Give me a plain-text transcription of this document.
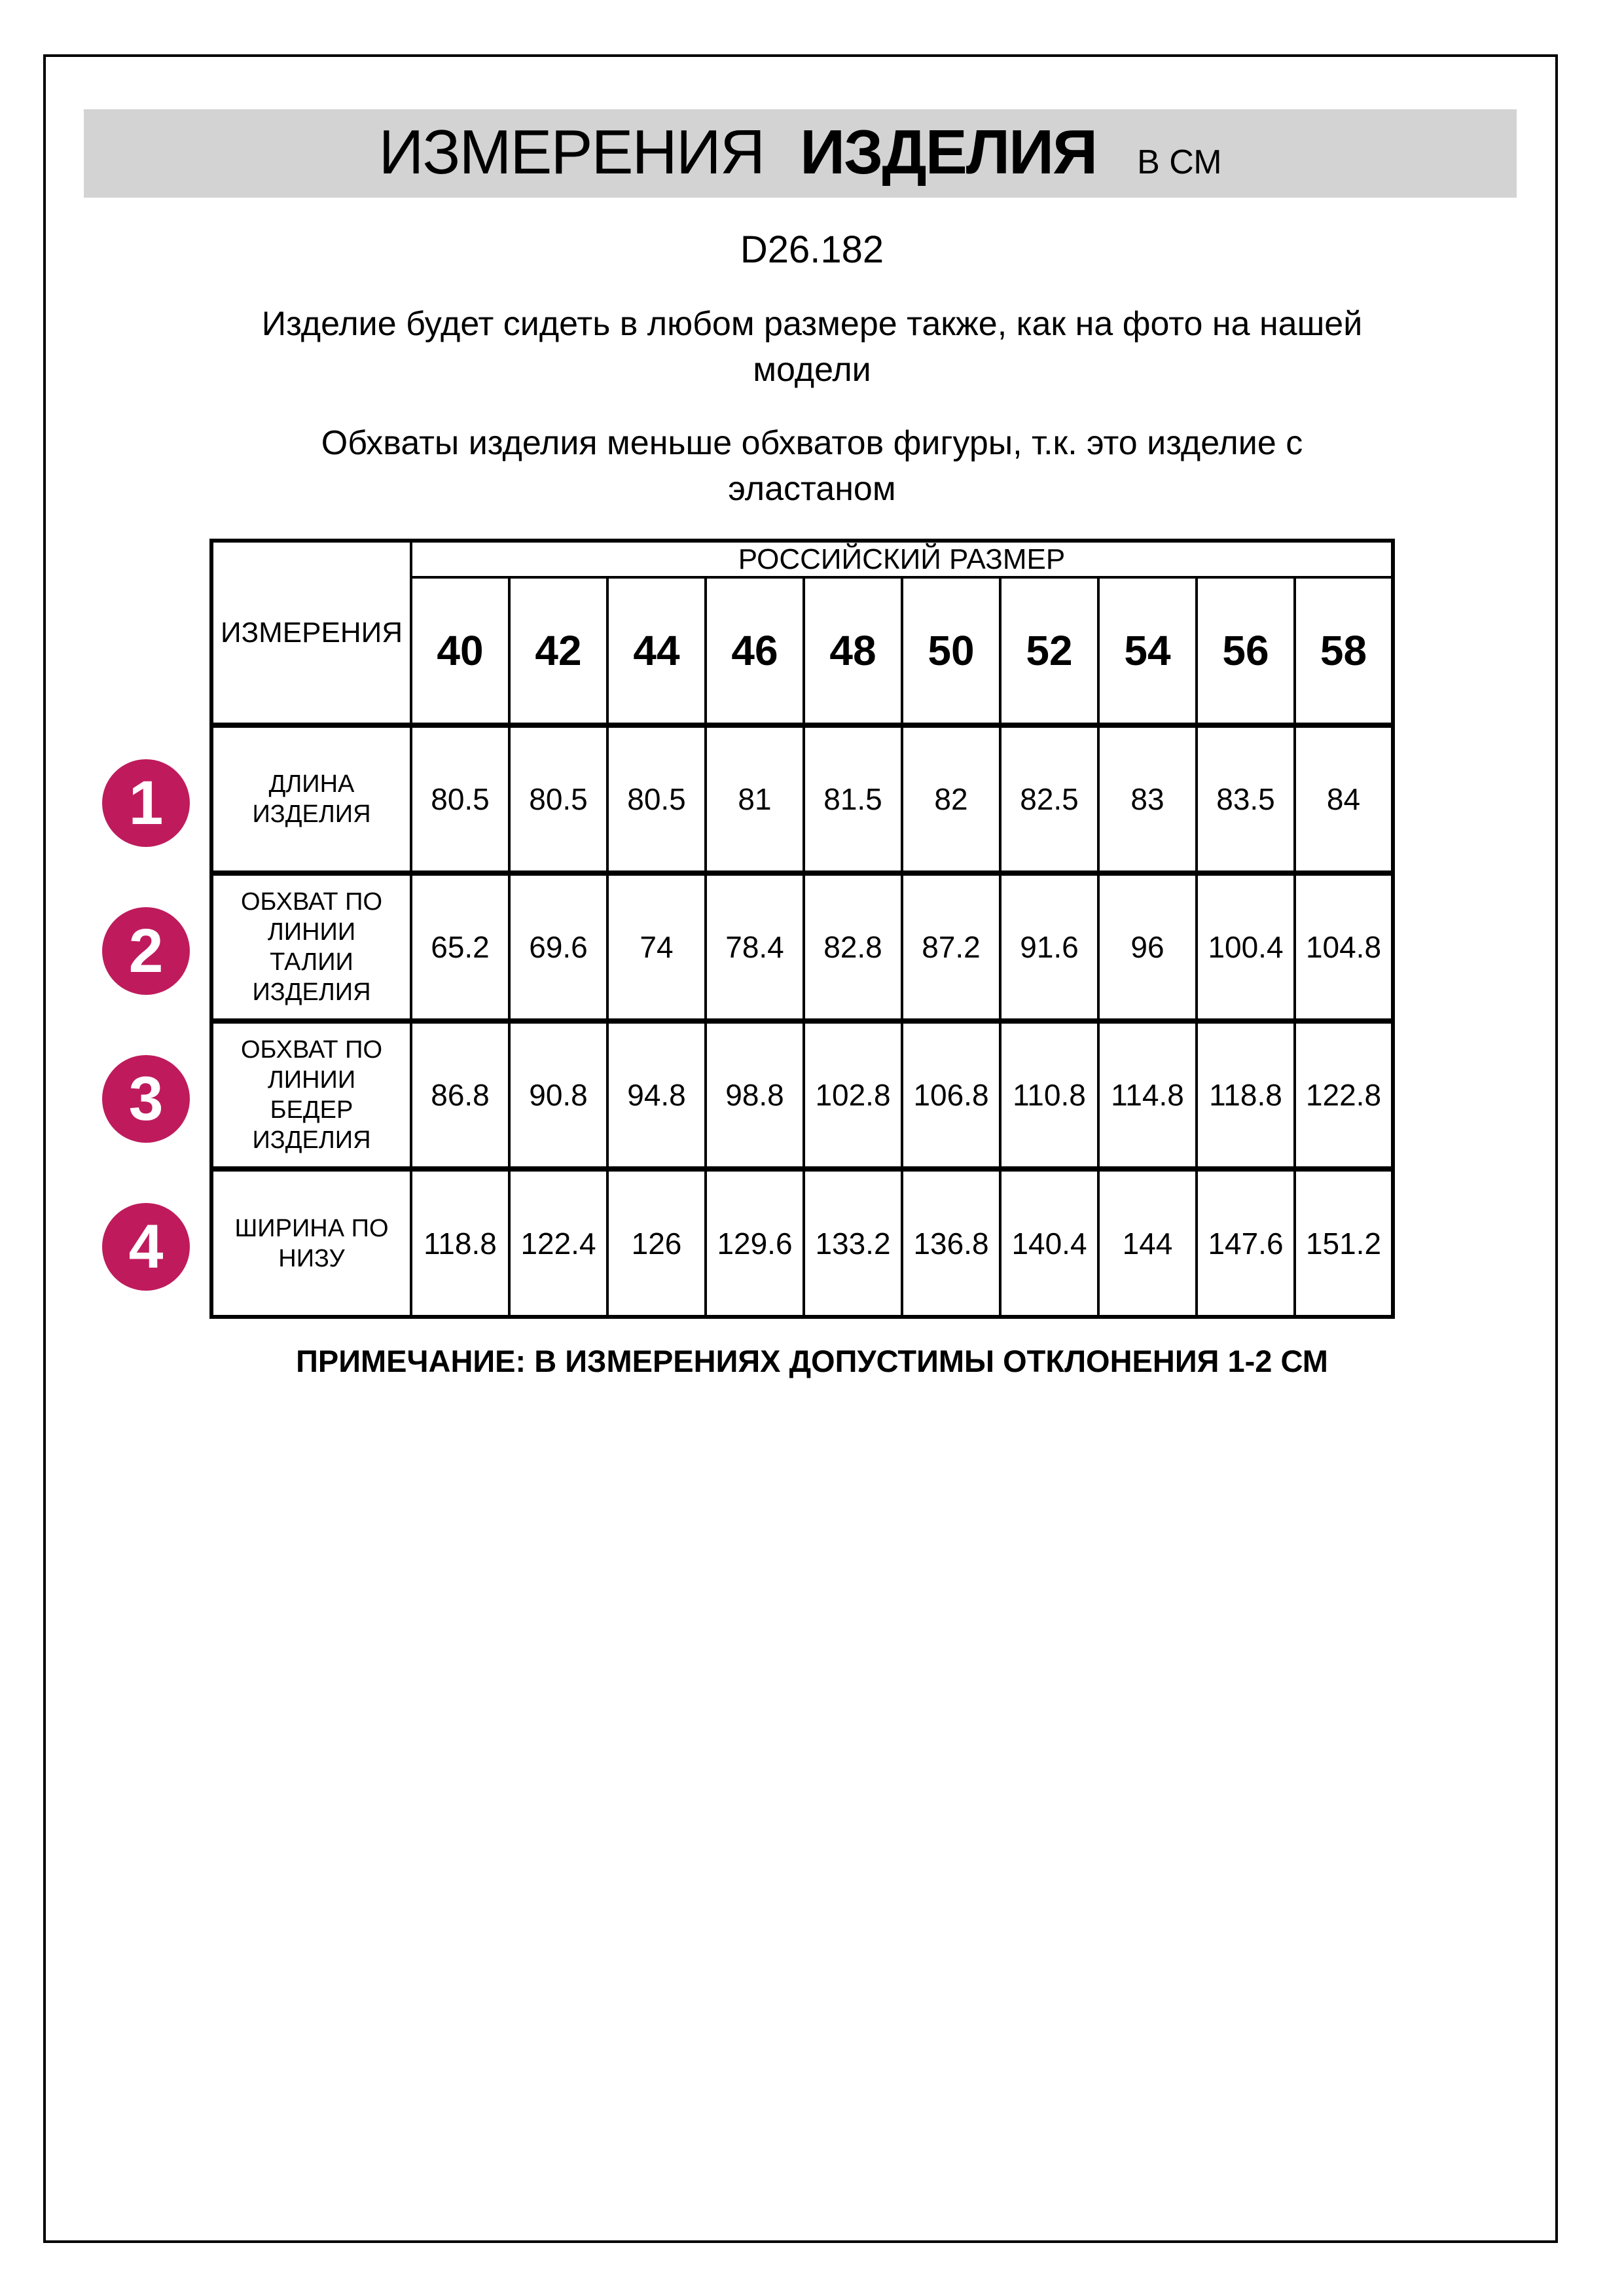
ИЗМЕРЕНИЯ ИЗДЕЛИЯ В СМ
D26.182
Изделие будет сидеть в любом размере также, как на фото на нашей
модели
Обхваты изделия меньше обхватов фигуры, т.к. это изделие с
эластаном
ИЗМЕРЕНИЯ	РОССИЙСКИЙ РАЗМЕР									
	40	42	44	46	48	50	52	54	56	58

ДЛИНА
ИЗДЕЛИЯ	80.5	80.5	80.5	81	81.5	82	82.5	83	83.5	84

ОБХВАТ ПО
ЛИНИИ
ТАЛИИ
ИЗДЕЛИЯ	65.2	69.6	74	78.4	82.8	87.2	91.6	96	100.4	104.8

ОБХВАТ ПО
ЛИНИИ
БЕДЕР
ИЗДЕЛИЯ	86.8	90.8	94.8	98.8	102.8	106.8	110.8	114.8	118.8	122.8

ШИРИНА ПО
НИЗУ	118.8	122.4	126	129.6	133.2	136.8	140.4	144	147.6	151.2
1
2
3
4
ПРИМЕЧАНИЕ: В ИЗМЕРЕНИЯХ ДОПУСТИМЫ ОТКЛОНЕНИЯ 1-2 СМ
